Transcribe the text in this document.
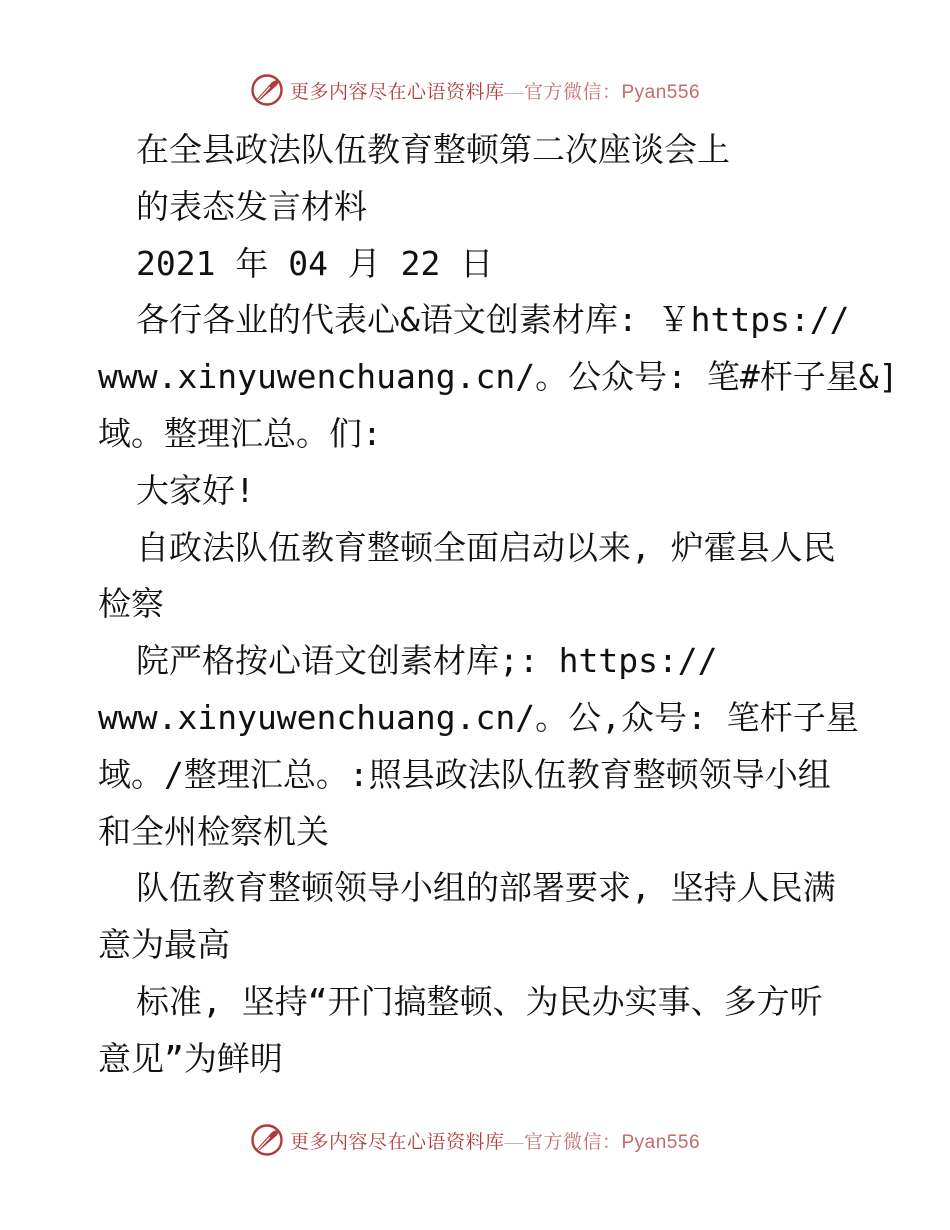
更多内容尽在心语资料库—官方微信：Pyan556
在全县政法队伍教育整顿第二次座谈会上
的表态发言材料
2021 年 04 月 22 日
各行各业的代表心&语文创素材库: ￥https://
www.xinyuwenchuang.cn/。公众号: 笔#杆子星&]
域。整理汇总。们:
大家好!
自政法队伍教育整顿全面启动以来, 炉霍县人民
检察
院严格按心语文创素材库;: https://
www.xinyuwenchuang.cn/。公,众号: 笔杆子星
域。/整理汇总。:照县政法队伍教育整顿领导小组
和全州检察机关
队伍教育整顿领导小组的部署要求, 坚持人民满
意为最高
标准, 坚持“开门搞整顿、为民办实事、多方听
意见”为鲜明
更多内容尽在心语资料库—官方微信：Pyan556
